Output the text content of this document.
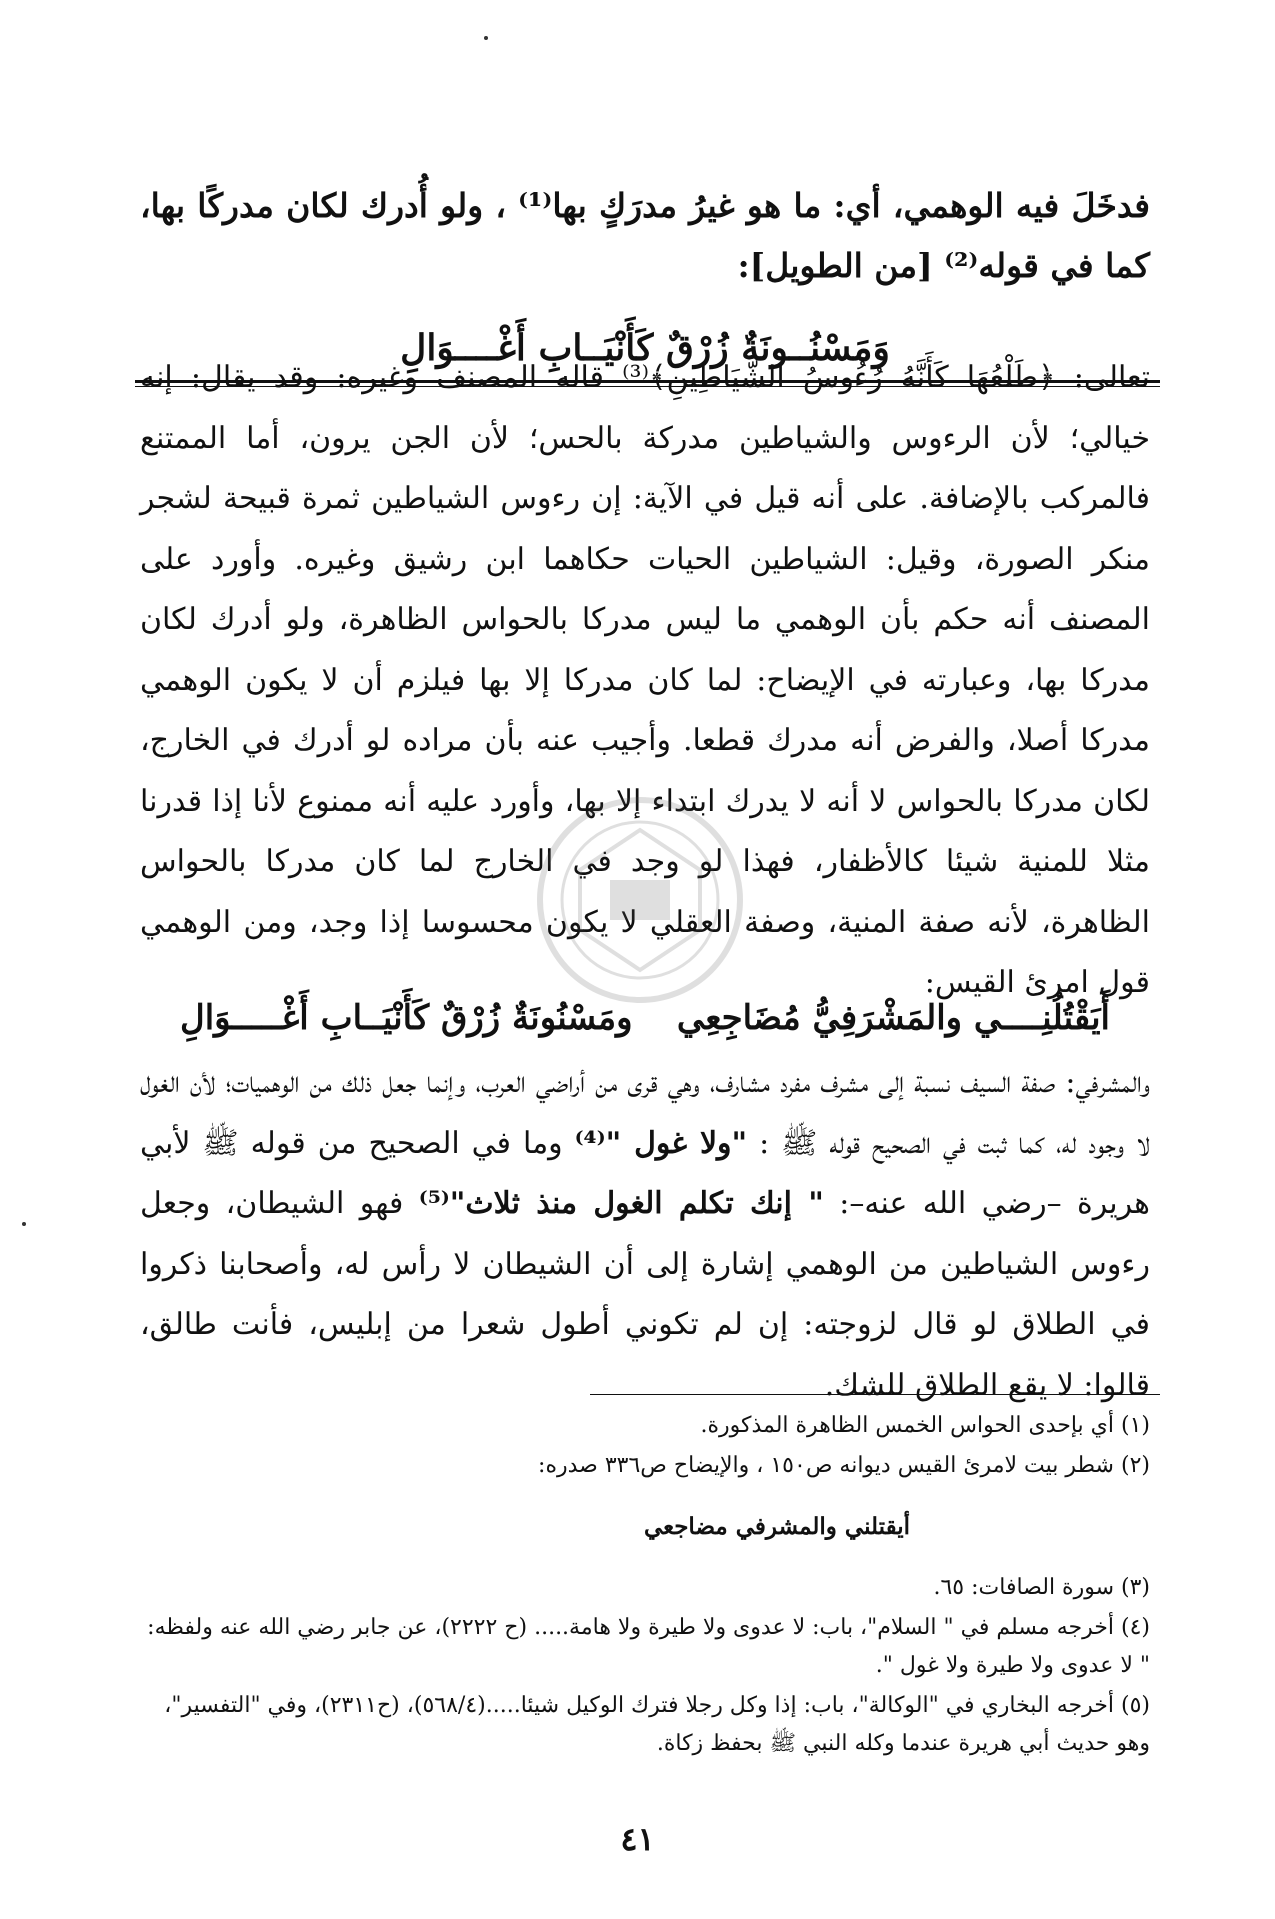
فدخَلَ فيه الوهمي، أي: ما هو غيرُ مدرَكٍ بها⁽¹⁾ ، ولو أُدرك لكان مدركًا بها، كما في قوله⁽²⁾ [من الطويل]:

وَمَسْنُــونَةٌ زُرْقٌ كَأَنْيَــابِ أَغْــــوَالِ

تعالى: ﴿طَلْعُهَا كَأَنَّهُ رُءُوسُ الشَّيَاطِينِ﴾⁽³⁾ قاله المصنف وغيره: وقد يقال: إنه خيالي؛ لأن الرءوس والشياطين مدركة بالحس؛ لأن الجن يرون، أما الممتنع فالمركب بالإضافة. على أنه قيل في الآية: إن رءوس الشياطين ثمرة قبيحة لشجر منكر الصورة، وقيل: الشياطين الحيات حكاهما ابن رشيق وغيره. وأورد على المصنف أنه حكم بأن الوهمي ما ليس مدركا بالحواس الظاهرة، ولو أدرك لكان مدركا بها، وعبارته في الإيضاح: لما كان مدركا إلا بها فيلزم أن لا يكون الوهمي مدركا أصلا، والفرض أنه مدرك قطعا. وأجيب عنه بأن مراده لو أدرك في الخارج، لكان مدركا بالحواس لا أنه لا يدرك ابتداء إلا بها، وأورد عليه أنه ممنوع لأنا إذا قدرنا مثلا للمنية شيئا كالأظفار، فهذا لو وجد في الخارج لما كان مدركا بالحواس الظاهرة، لأنه صفة المنية، وصفة العقلي لا يكون محسوسا إذا وجد، ومن الوهمي قول امرئ القيس:

أَيَقْتُلُنِــــي والمَشْرَفِيُّ مُضَاجِعِي
ومَسْنُونَةٌ زُرْقٌ كَأَنْيَــابِ أَغْـــــوَالِ

والمشرفي: صفة السيف نسبة إلى مشرف مفرد مشارف، وهي قرى من أراضي العرب، وإنما جعل ذلك من الوهميات؛ لأن الغول لا وجود له، كما ثبت في الصحيح قوله ﷺ : "ولا غول "⁽⁴⁾ وما في الصحيح من قوله ﷺ لأبي هريرة –رضي الله عنه–: " إنك تكلم الغول منذ ثلاث"⁽⁵⁾ فهو الشيطان، وجعل رءوس الشياطين من الوهمي إشارة إلى أن الشيطان لا رأس له، وأصحابنا ذكروا في الطلاق لو قال لزوجته: إن لم تكوني أطول شعرا من إبليس، فأنت طالق، قالوا: لا يقع الطلاق للشك.

(١) أي بإحدى الحواس الخمس الظاهرة المذكورة.

(٢) شطر بيت لامرئ القيس ديوانه ص١٥٠ ، والإيضاح ص٣٣٦ صدره:

أيقتلني والمشرفي مضاجعي

(٣) سورة الصافات: ٦٥.

(٤) أخرجه مسلم في " السلام"، باب: لا عدوى ولا طيرة ولا هامة..... (ح ٢٢٢٢)، عن جابر رضي الله عنه ولفظه: " لا عدوى ولا طيرة ولا غول ".

(٥) أخرجه البخاري في "الوكالة"، باب: إذا وكل رجلا فترك الوكيل شيئا.....(٥٦٨/٤)، (ح٢٣١١)، وفي "التفسير"، وهو حديث أبي هريرة عندما وكله النبي ﷺ بحفظ زكاة.

٤١
